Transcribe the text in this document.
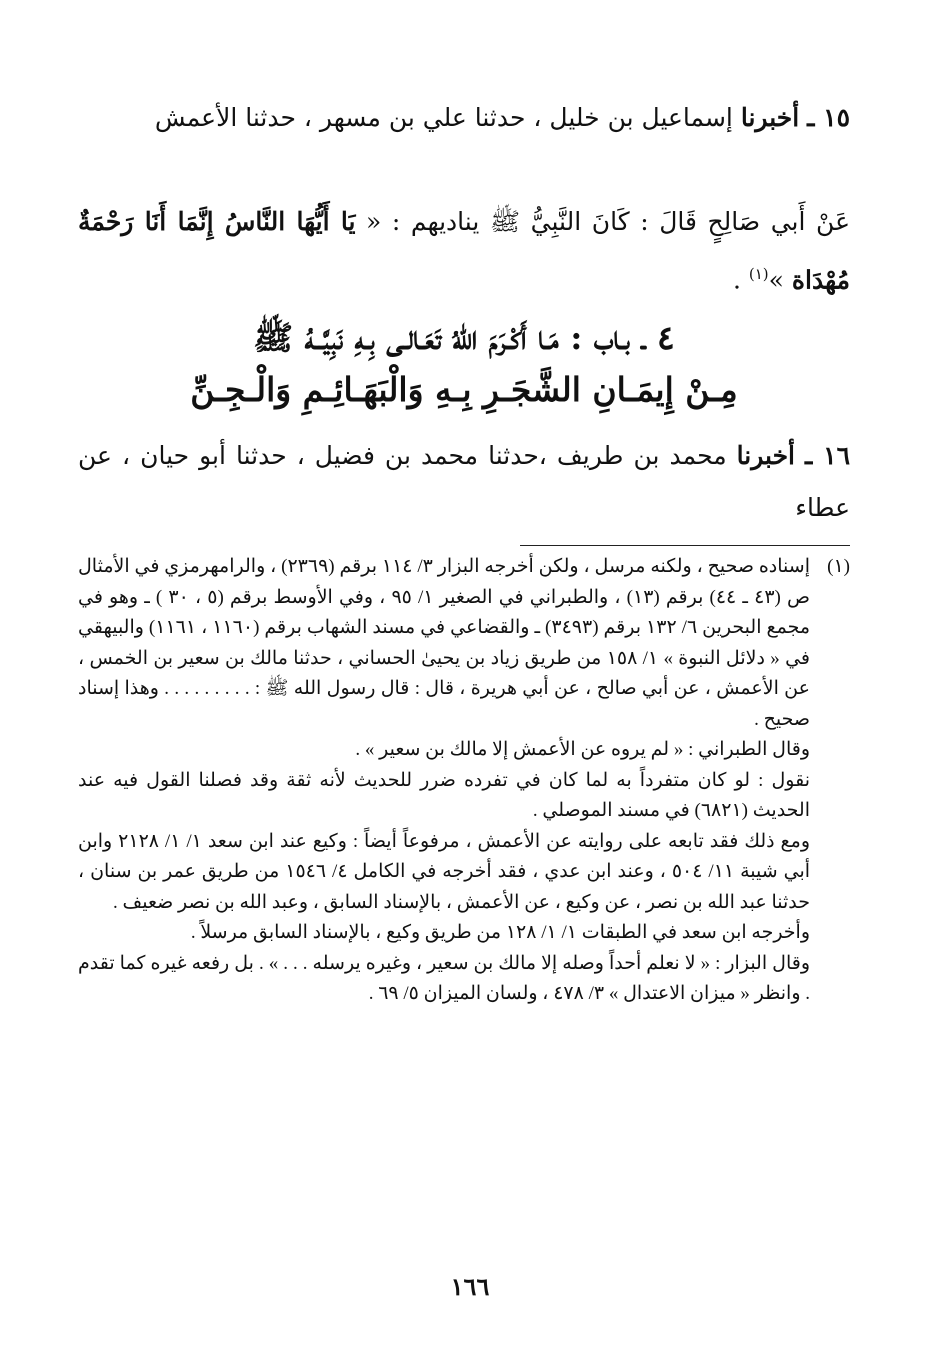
١٥ ـ أخبرنا إسماعيل بن خليل ، حدثنا علي بن مسهر ، حدثنا الأعمش
عَنْ أَبي صَالِحٍ قَالَ : كَانَ النَّبِيُّ ﷺ يناديهم : « يَا أَيُّهَا النَّاسُ إِنَّمَا أَنَا رَحْمَةٌ مُهْدَاة »$^{(١)}$ .
٤ ـ بـاب : مَـا أَكْـرَمَ اللهُ تَعَـالـى بِـهِ نَبِيَّــهُ ﷺ
مِـنْ إِيمَـانِ الشَّجَـرِ بِـهِ وَالْبَهَـائِـمِ وَالْـجِـنِّ
١٦ ـ أخبرنا محمد بن طريف ،حدثنا محمد بن فضيل ، حدثنا أبو حيان ، عن عطاء
(١)

إسناده صحيح ، ولكنه مرسل ، ولكن أخرجه البزار ٣/ ١١٤ برقم (٢٣٦٩) ، والرامهرمزي في الأمثال ص (٤٣ ـ ٤٤) برقم (١٣) ، والطبراني في الصغير ١/ ٩٥ ، وفي الأوسط برقم (٥ ، ٣٠ ) ـ وهو في مجمع البحرين ٦/ ١٣٢ برقم (٣٤٩٣) ـ والقضاعي في مسند الشهاب برقم (١١٦٠ ، ١١٦١) والبيهقي في « دلائل النبوة » ١/ ١٥٨ من طريق زياد بن يحيىٰ الحساني ، حدثنا مالك بن سعير بن الخمس ، عن الأعمش ، عن أبي صالح ، عن أبي هريرة ، قال : قال رسول الله ﷺ : . . . . . . . . . وهذا إسناد صحيح .

وقال الطبراني : « لم يروه عن الأعمش إلا مالك بن سعير » .

نقول : لو كان متفرداً به لما كان في تفرده ضرر للحديث لأنه ثقة وقد فصلنا القول فيه عند الحديث (٦٨٢١) في مسند الموصلي .

ومع ذلك فقد تابعه على روايته عن الأعمش ، مرفوعاً أيضاً : وكيع عند ابن سعد ١/ ١/ ٢١٢٨ وابن أبي شيبة ١١/ ٥٠٤ ، وعند ابن عدي ، فقد أخرجه في الكامل ٤/ ١٥٤٦ من طريق عمر بن سنان ، حدثنا عبد الله بن نصر ، عن وكيع ، عن الأعمش ، بالإسناد السابق ، وعبد الله بن نصر ضعيف .

وأخرجه ابن سعد في الطبقات ١/ ١/ ١٢٨ من طريق وكيع ، بالإسناد السابق مرسلاً .

وقال البزار : « لا نعلم أحداً وصله إلا مالك بن سعير ، وغيره يرسله . . . » . بل رفعه غيره كما تقدم . وانظر « ميزان الاعتدال » ٣/ ٤٧٨ ، ولسان الميزان ٥/ ٦٩ .

١٦٦
